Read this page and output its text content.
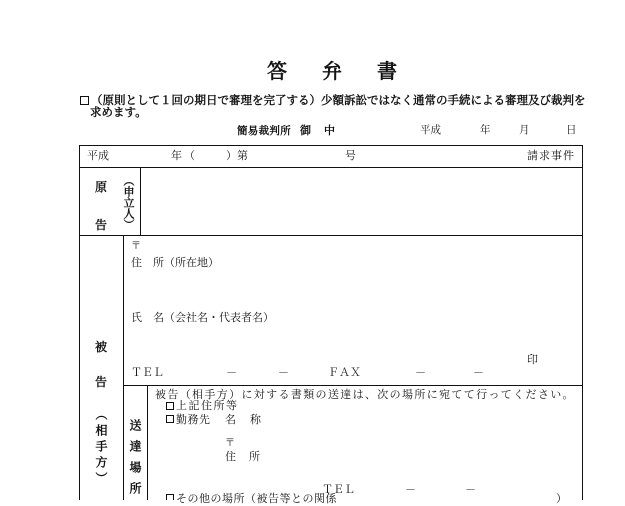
答　弁　書
（原則として１回の期日で審理を完了する）少額訴訟ではなく通常の手続による審理及び裁判を
求めます。
簡易裁判所 御 中	平成	年	月	日
平成	年（	）第	号	請求事件
原
告 （申立人）
被
告
（相手方）
〒
住　所（所在地）
氏　名（会社名・代表者名）
印
ＴＥＬ	－	－	ＦＡＸ	－	－
送達場所
被告（相手方）に対する書類の送達は、次の場所に宛てて行ってください。
上記住所等
勤務先 名　称
〒
住　所
ＴＥＬ	－	－
その他の場所（被告等との関係	）
